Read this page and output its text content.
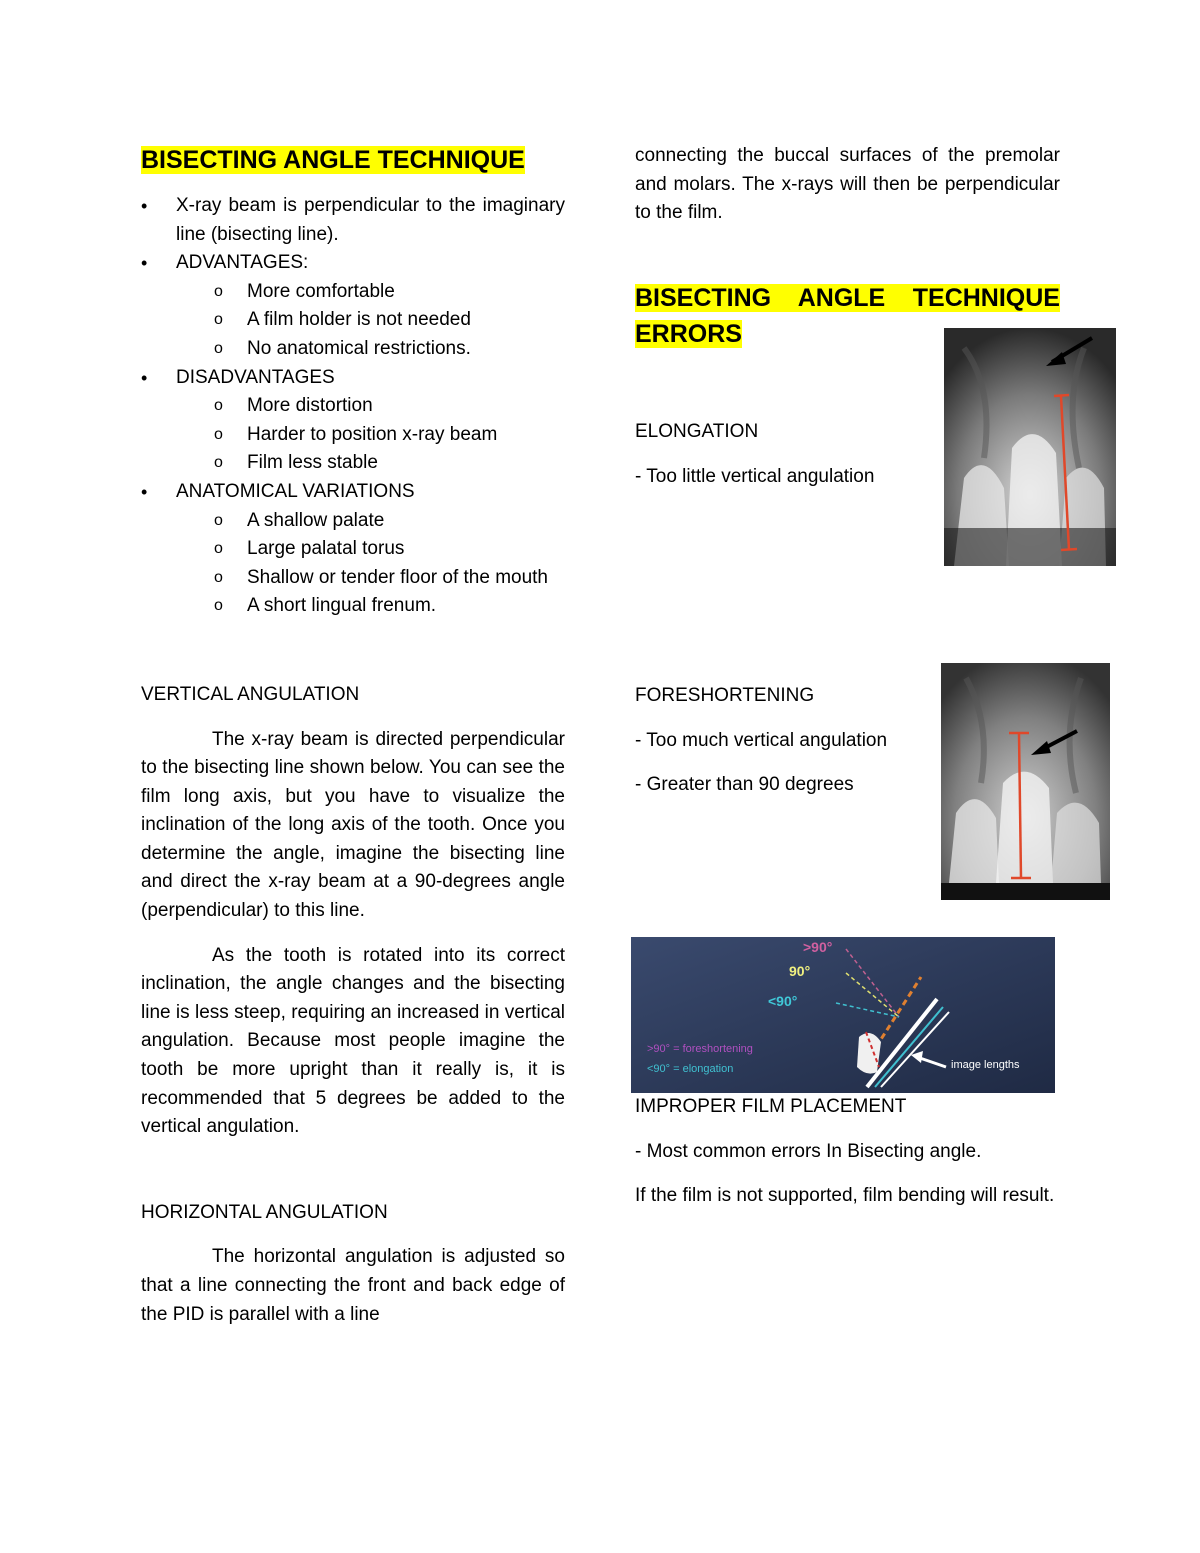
BISECTING ANGLE TECHNIQUE
• X-ray beam is perpendicular to the imaginary line (bisecting line).
• ADVANTAGES:
o More comfortable
o A film holder is not needed
o No anatomical restrictions.
• DISADVANTAGES
o More distortion
o Harder to position x-ray beam
o Film less stable
• ANATOMICAL VARIATIONS
o A shallow palate
o Large palatal torus
o Shallow or tender floor of the mouth
o A short lingual frenum.

VERTICAL ANGULATION

The x-ray beam is directed perpendicular to the bisecting line shown below. You can see the film long axis, but you have to visualize the inclination of the long axis of the tooth. Once you determine the angle, imagine the bisecting line and direct the x-ray beam at a 90-degrees angle (perpendicular) to this line.

As the tooth is rotated into its correct inclination, the angle changes and the bisecting line is less steep, requiring an increased in vertical angulation. Because most people imagine the tooth be more upright than it really is, it is recommended that 5 degrees be added to the vertical angulation.

HORIZONTAL ANGULATION

The horizontal angulation is adjusted so that a line connecting the front and back edge of the PID is parallel with a line

connecting the buccal surfaces of the premolar and molars. The x-rays will then be perpendicular to the film.

BISECTING ANGLE TECHNIQUE ERRORS

ELONGATION

- Too little vertical angulation

FORESHORTENING

- Too much vertical angulation

- Greater than 90 degrees

IMPROPER FILM PLACEMENT

- Most common errors In Bisecting angle.

If the film is not supported, film bending will result.

>90°
90°
<90°
>90° = foreshortening
<90° = elongation	image lengths
